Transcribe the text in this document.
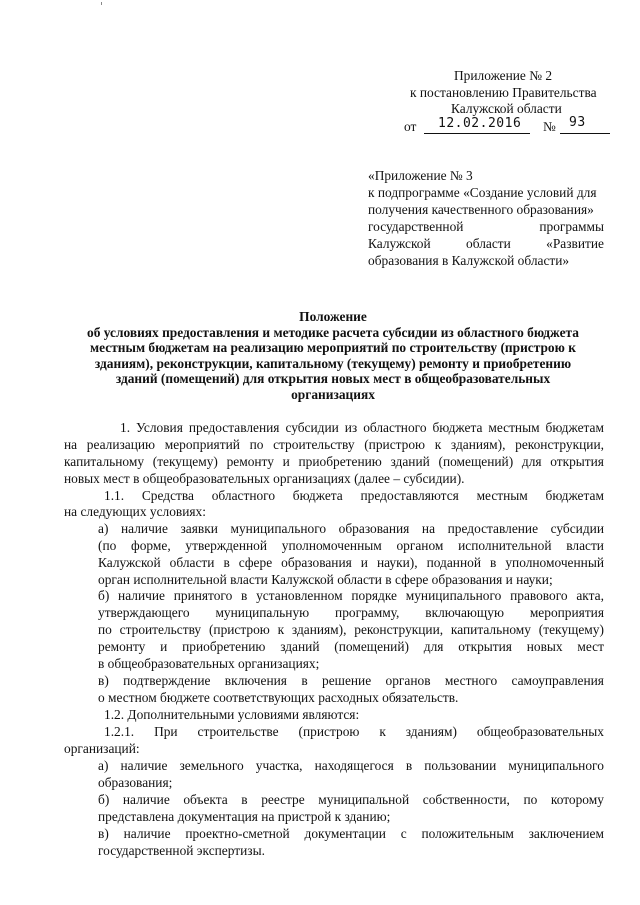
Приложение № 2
к постановлению Правительства
Калужской области
от 12.02.2016 № 93
«Приложение № 3
к подпрограмме «Создание условий для
получения качественного образования»
государственной	программы
Калужской	области	«Развитие
образования в Калужской области»
Положение
об условиях предоставления и методике расчета субсидии из областного бюджета
местным бюджетам на реализацию мероприятий по строительству (пристрою к
зданиям), реконструкции, капитальному (текущему) ремонту и приобретению
зданий (помещений) для открытия новых мест в общеобразовательных
организациях
1. Условия предоставления субсидии из областного бюджета местным бюджетам
на реализацию мероприятий по строительству (пристрою к зданиям), реконструкции,
капитальному (текущему) ремонту и приобретению зданий (помещений) для открытия
новых мест в общеобразовательных организациях (далее – субсидии).
1.1. Средства областного бюджета предоставляются местным бюджетам
на следующих условиях:
а) наличие заявки муниципального образования на предоставление субсидии
(по форме, утвержденной уполномоченным органом исполнительной власти
Калужской области в сфере образования и науки), поданной в уполномоченный
орган исполнительной власти Калужской области в сфере образования и науки;
б) наличие принятого в установленном порядке муниципального правового акта,
утверждающего муниципальную программу, включающую мероприятия
по строительству (пристрою к зданиям), реконструкции, капитальному (текущему)
ремонту и приобретению зданий (помещений) для открытия новых мест
в общеобразовательных организациях;
в) подтверждение включения в решение органов местного самоуправления
о местном бюджете соответствующих расходных обязательств.
1.2. Дополнительными условиями являются:
1.2.1. При строительстве (пристрою к зданиям) общеобразовательных
организаций:
а) наличие земельного участка, находящегося в пользовании муниципального
образования;
б) наличие объекта в реестре муниципальной собственности, по которому
представлена документация на пристрой к зданию;
в) наличие проектно-сметной документации с положительным заключением
государственной экспертизы.
